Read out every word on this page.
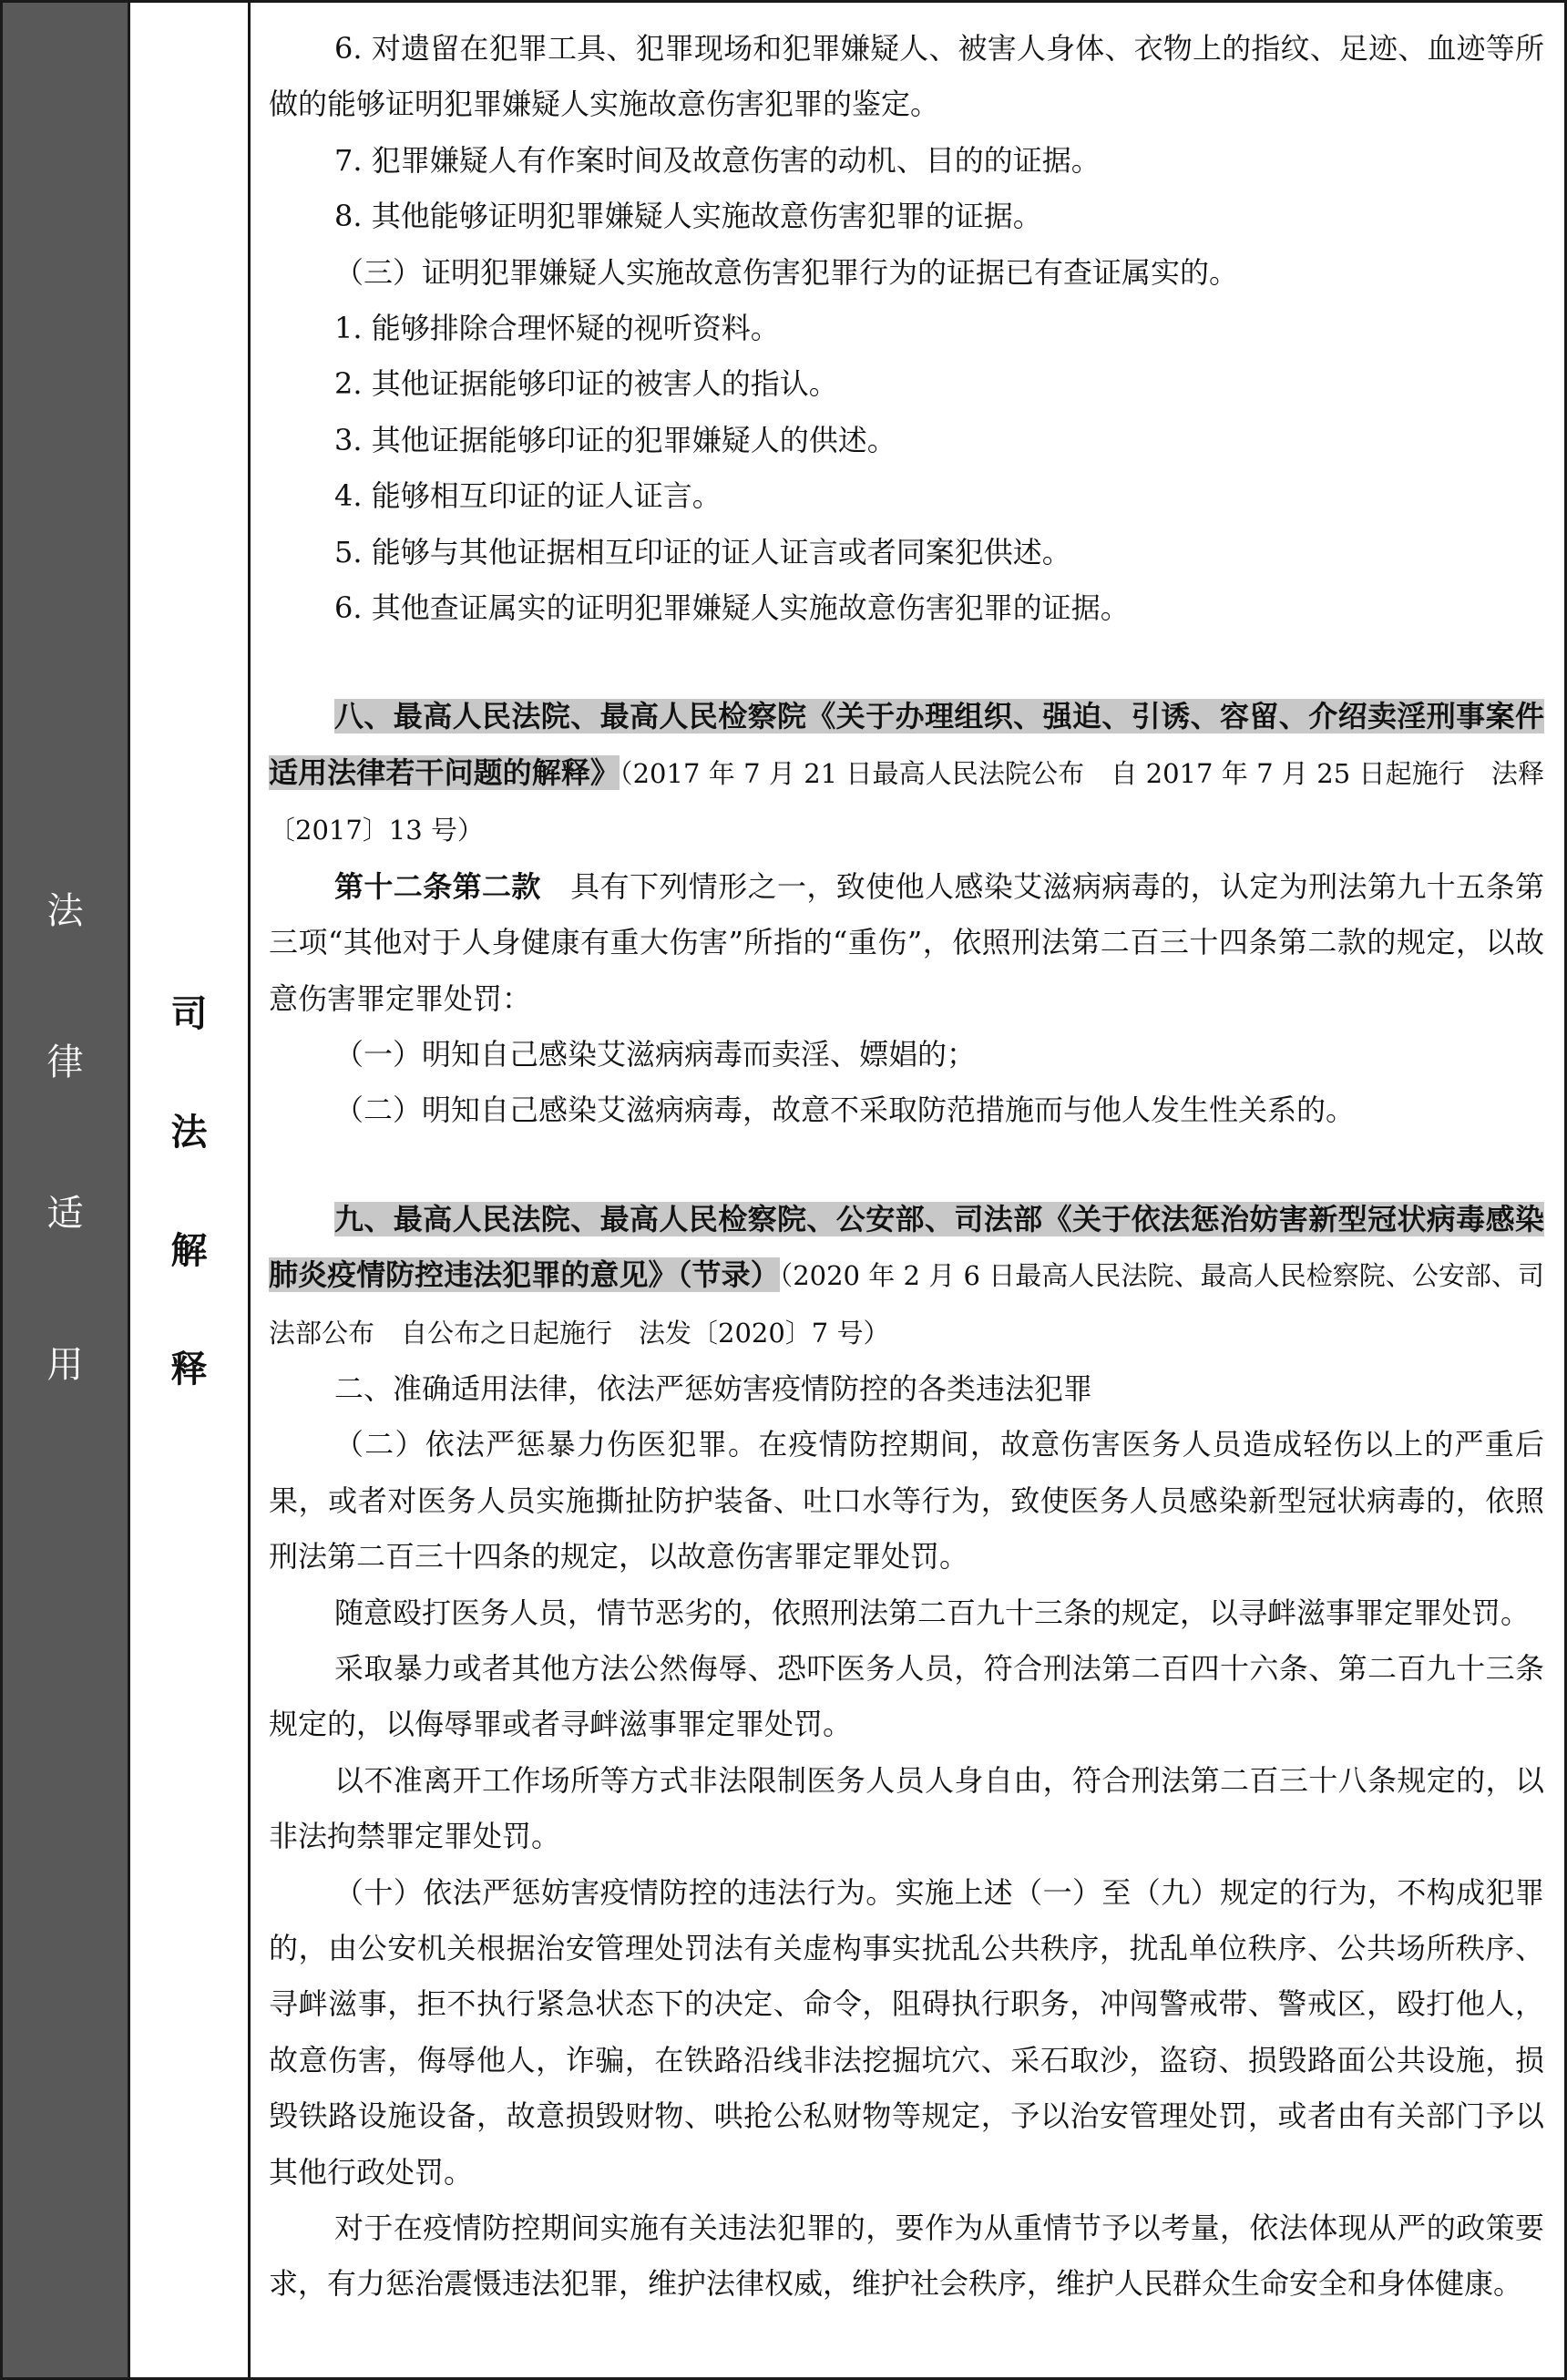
法
律
适
用
司
法
解
释

6. 对遗留在犯罪工具、犯罪现场和犯罪嫌疑人、被害人身体、衣物上的指纹、足迹、血迹等所做的能够证明犯罪嫌疑人实施故意伤害犯罪的鉴定。

7. 犯罪嫌疑人有作案时间及故意伤害的动机、目的的证据。

8. 其他能够证明犯罪嫌疑人实施故意伤害犯罪的证据。

（三）证明犯罪嫌疑人实施故意伤害犯罪行为的证据已有查证属实的。

1. 能够排除合理怀疑的视听资料。

2. 其他证据能够印证的被害人的指认。

3. 其他证据能够印证的犯罪嫌疑人的供述。

4. 能够相互印证的证人证言。

5. 能够与其他证据相互印证的证人证言或者同案犯供述。

6. 其他查证属实的证明犯罪嫌疑人实施故意伤害犯罪的证据。

八、最高人民法院、最高人民检察院《关于办理组织、强迫、引诱、容留、介绍卖淫刑事案件适用法律若干问题的解释》（2017 年 7 月 21 日最高人民法院公布　自 2017 年 7 月 25 日起施行　法释〔2017〕13 号）

第十二条第二款　具有下列情形之一，致使他人感染艾滋病病毒的，认定为刑法第九十五条第三项“其他对于人身健康有重大伤害”所指的“重伤”，依照刑法第二百三十四条第二款的规定，以故意伤害罪定罪处罚：

（一）明知自己感染艾滋病病毒而卖淫、嫖娼的；

（二）明知自己感染艾滋病病毒，故意不采取防范措施而与他人发生性关系的。

九、最高人民法院、最高人民检察院、公安部、司法部《关于依法惩治妨害新型冠状病毒感染肺炎疫情防控违法犯罪的意见》（节录）（2020 年 2 月 6 日最高人民法院、最高人民检察院、公安部、司法部公布　自公布之日起施行　法发〔2020〕7 号）

二、准确适用法律，依法严惩妨害疫情防控的各类违法犯罪

（二）依法严惩暴力伤医犯罪。在疫情防控期间，故意伤害医务人员造成轻伤以上的严重后果，或者对医务人员实施撕扯防护装备、吐口水等行为，致使医务人员感染新型冠状病毒的，依照刑法第二百三十四条的规定，以故意伤害罪定罪处罚。

随意殴打医务人员，情节恶劣的，依照刑法第二百九十三条的规定，以寻衅滋事罪定罪处罚。

采取暴力或者其他方法公然侮辱、恐吓医务人员，符合刑法第二百四十六条、第二百九十三条规定的，以侮辱罪或者寻衅滋事罪定罪处罚。

以不准离开工作场所等方式非法限制医务人员人身自由，符合刑法第二百三十八条规定的，以非法拘禁罪定罪处罚。

（十）依法严惩妨害疫情防控的违法行为。实施上述（一）至（九）规定的行为，不构成犯罪的，由公安机关根据治安管理处罚法有关虚构事实扰乱公共秩序，扰乱单位秩序、公共场所秩序、寻衅滋事，拒不执行紧急状态下的决定、命令，阻碍执行职务，冲闯警戒带、警戒区，殴打他人，故意伤害，侮辱他人，诈骗，在铁路沿线非法挖掘坑穴、采石取沙，盗窃、损毁路面公共设施，损毁铁路设施设备，故意损毁财物、哄抢公私财物等规定，予以治安管理处罚，或者由有关部门予以其他行政处罚。

对于在疫情防控期间实施有关违法犯罪的，要作为从重情节予以考量，依法体现从严的政策要求，有力惩治震慑违法犯罪，维护法律权威，维护社会秩序，维护人民群众生命安全和身体健康。
